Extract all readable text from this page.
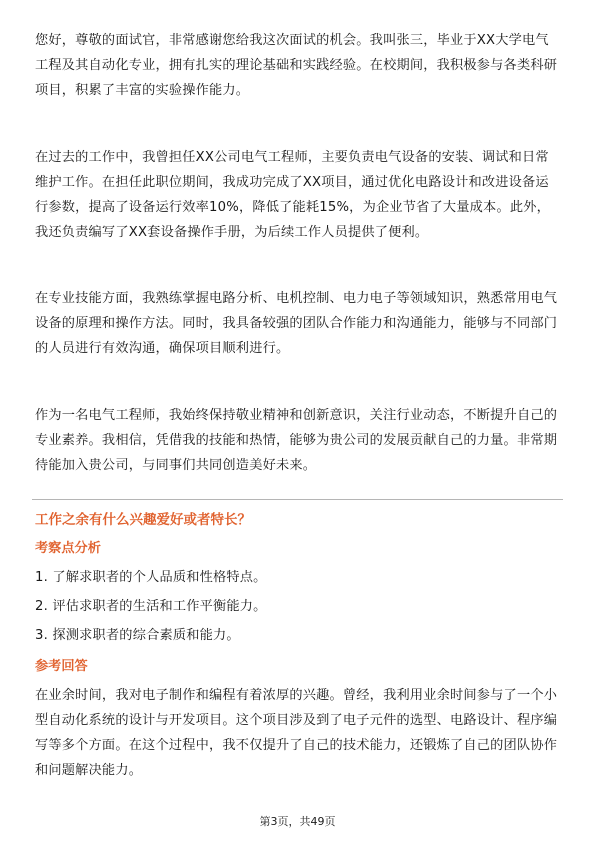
您好，尊敬的面试官，非常感谢您给我这次面试的机会。我叫张三，毕业于XX大学电气工程及其自动化专业，拥有扎实的理论基础和实践经验。在校期间，我积极参与各类科研项目，积累了丰富的实验操作能力。

在过去的工作中，我曾担任XX公司电气工程师，主要负责电气设备的安装、调试和日常维护工作。在担任此职位期间，我成功完成了XX项目，通过优化电路设计和改进设备运行参数，提高了设备运行效率10%，降低了能耗15%，为企业节省了大量成本。此外，我还负责编写了XX套设备操作手册，为后续工作人员提供了便利。

在专业技能方面，我熟练掌握电路分析、电机控制、电力电子等领域知识，熟悉常用电气设备的原理和操作方法。同时，我具备较强的团队合作能力和沟通能力，能够与不同部门的人员进行有效沟通，确保项目顺利进行。

作为一名电气工程师，我始终保持敬业精神和创新意识，关注行业动态，不断提升自己的专业素养。我相信，凭借我的技能和热情，能够为贵公司的发展贡献自己的力量。非常期待能加入贵公司，与同事们共同创造美好未来。

工作之余有什么兴趣爱好或者特长？
考察点分析
1. 了解求职者的个人品质和性格特点。
2. 评估求职者的生活和工作平衡能力。
3. 探测求职者的综合素质和能力。
参考回答

在业余时间，我对电子制作和编程有着浓厚的兴趣。曾经，我利用业余时间参与了一个小型自动化系统的设计与开发项目。这个项目涉及到了电子元件的选型、电路设计、程序编写等多个方面。在这个过程中，我不仅提升了自己的技术能力，还锻炼了自己的团队协作和问题解决能力。

第3页，共49页
